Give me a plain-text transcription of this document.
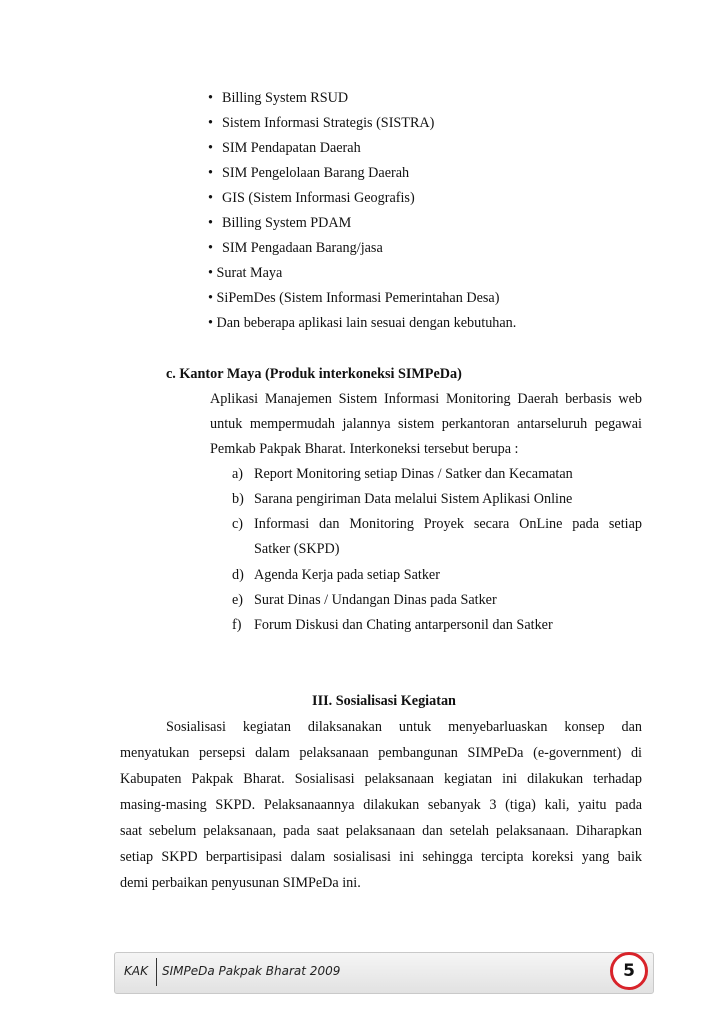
• Billing System RSUD
• Sistem Informasi Strategis (SISTRA)
• SIM Pendapatan Daerah
• SIM Pengelolaan Barang Daerah
• GIS (Sistem Informasi Geografis)
• Billing System PDAM
• SIM Pengadaan Barang/jasa
• Surat Maya
• SiPemDes (Sistem Informasi Pemerintahan Desa)
• Dan beberapa aplikasi lain sesuai dengan kebutuhan.
c. Kantor Maya (Produk interkoneksi SIMPeDa)
Aplikasi Manajemen Sistem Informasi Monitoring Daerah berbasis web
untuk mempermudah jalannya sistem perkantoran antarseluruh pegawai
Pemkab Pakpak Bharat. Interkoneksi tersebut berupa :
a) Report Monitoring setiap Dinas / Satker dan Kecamatan
b) Sarana pengiriman Data melalui Sistem Aplikasi Online
c) Informasi dan Monitoring Proyek secara OnLine pada setiap
Satker (SKPD)
d) Agenda Kerja pada setiap Satker
e) Surat Dinas / Undangan Dinas pada Satker
f) Forum Diskusi dan Chating antarpersonil dan Satker
III. Sosialisasi Kegiatan
Sosialisasi kegiatan dilaksanakan untuk menyebarluaskan konsep dan
menyatukan persepsi dalam pelaksanaan pembangunan SIMPeDa (e-government) di
Kabupaten Pakpak Bharat. Sosialisasi pelaksanaan kegiatan ini dilakukan terhadap
masing-masing SKPD. Pelaksanaannya dilakukan sebanyak 3 (tiga) kali, yaitu pada
saat sebelum pelaksanaan, pada saat pelaksanaan dan setelah pelaksanaan. Diharapkan
setiap SKPD berpartisipasi dalam sosialisasi ini sehingga tercipta koreksi yang baik
demi perbaikan penyusunan SIMPeDa ini.
KAK SIMPeDa Pakpak Bharat 2009	5
